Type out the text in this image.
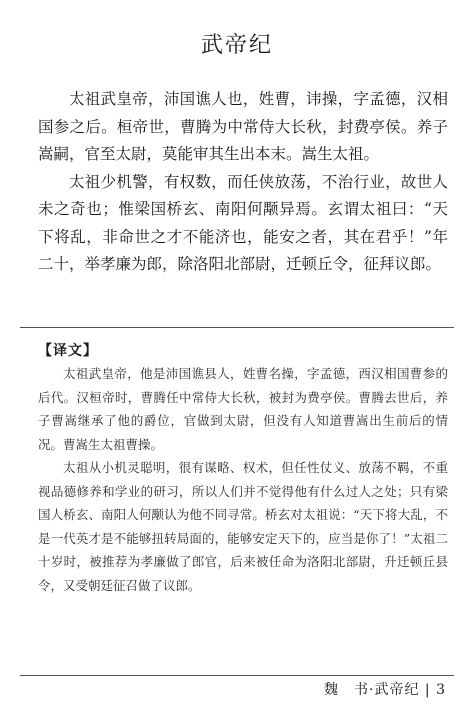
武帝纪

太祖武皇帝，沛国谯人也，姓曹，讳操，字孟德，汉相国参之后。桓帝世，曹腾为中常侍大长秋，封费亭侯。养子嵩嗣，官至太尉，莫能审其生出本末。嵩生太祖。

太祖少机警，有权数，而任侠放荡，不治行业，故世人未之奇也；惟梁国桥玄、南阳何颙异焉。玄谓太祖曰：“天下将乱，非命世之才不能济也，能安之者，其在君乎！”年二十，举孝廉为郎，除洛阳北部尉，迁顿丘令，征拜议郎。

【译文】

太祖武皇帝，他是沛国谯县人，姓曹名操，字孟德，西汉相国曹参的后代。汉桓帝时，曹腾任中常侍大长秋，被封为费亭侯。曹腾去世后，养子曹嵩继承了他的爵位，官做到太尉，但没有人知道曹嵩出生前后的情况。曹嵩生太祖曹操。

太祖从小机灵聪明，很有谋略、权术，但任性仗义、放荡不羁，不重视品德修养和学业的研习，所以人们并不觉得他有什么过人之处；只有梁国人桥玄、南阳人何颙认为他不同寻常。桥玄对太祖说：“天下将大乱，不是一代英才是不能够扭转局面的，能够安定天下的，应当是你了！”太祖二十岁时，被推荐为孝廉做了郎官，后来被任命为洛阳北部尉，升迁顿丘县令，又受朝廷征召做了议郎。

魏　书·武帝纪 | 3
